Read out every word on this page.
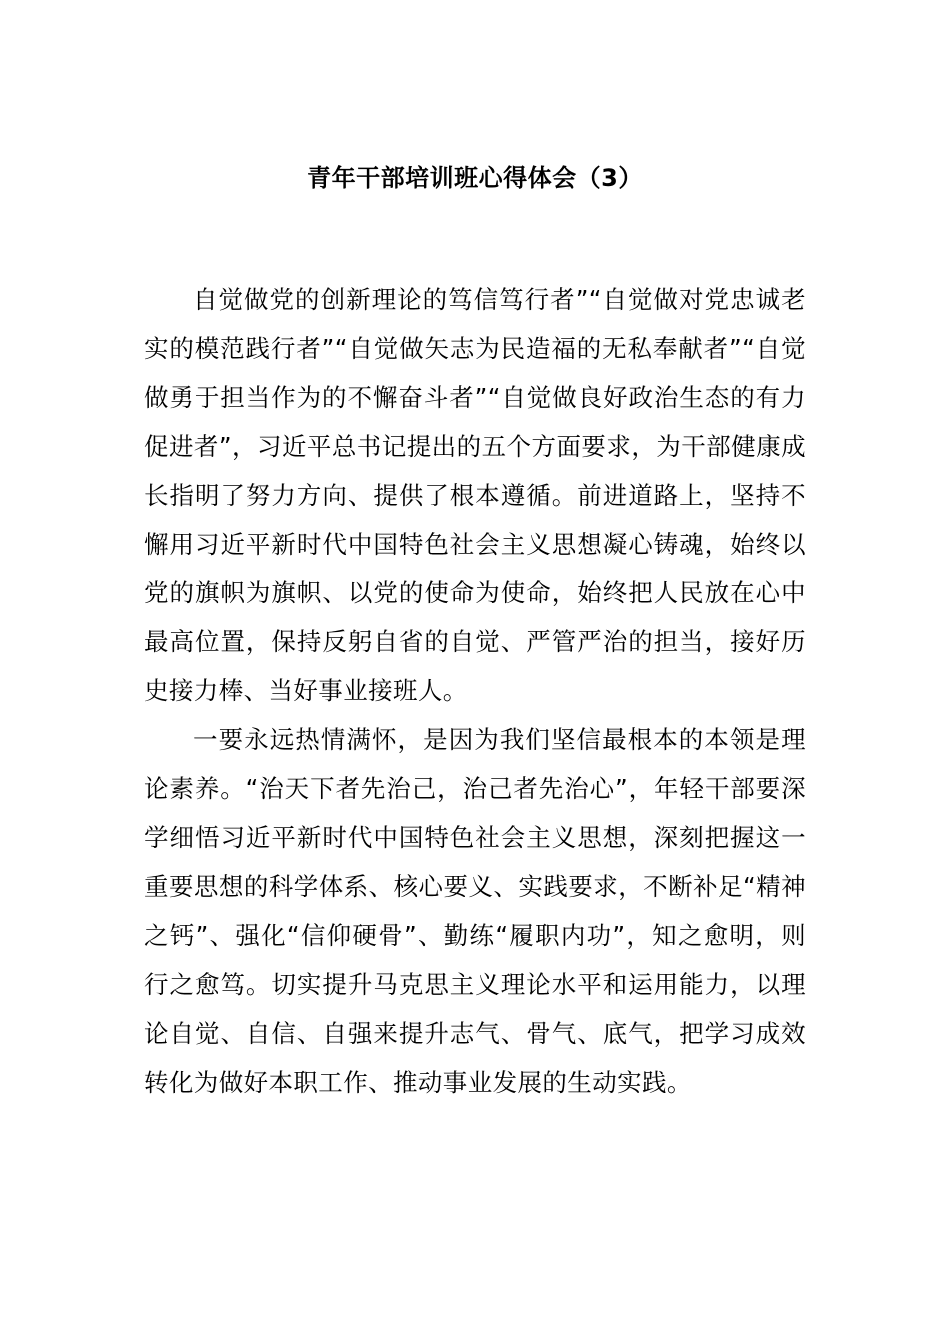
青年干部培训班心得体会（3）

自觉做党的创新理论的笃信笃行者”“自觉做对党忠诚老实的模范践行者”“自觉做矢志为民造福的无私奉献者”“自觉做勇于担当作为的不懈奋斗者”“自觉做良好政治生态的有力促进者”，习近平总书记提出的五个方面要求，为干部健康成长指明了努力方向、提供了根本遵循。前进道路上，坚持不懈用习近平新时代中国特色社会主义思想凝心铸魂，始终以党的旗帜为旗帜、以党的使命为使命，始终把人民放在心中最高位置，保持反躬自省的自觉、严管严治的担当，接好历史接力棒、当好事业接班人。

一要永远热情满怀，是因为我们坚信最根本的本领是理论素养。“治天下者先治己，治己者先治心”，年轻干部要深学细悟习近平新时代中国特色社会主义思想，深刻把握这一重要思想的科学体系、核心要义、实践要求，不断补足“精神之钙”、强化“信仰硬骨”、勤练“履职内功”，知之愈明，则行之愈笃。切实提升马克思主义理论水平和运用能力，以理论自觉、自信、自强来提升志气、骨气、底气，把学习成效转化为做好本职工作、推动事业发展的生动实践。
